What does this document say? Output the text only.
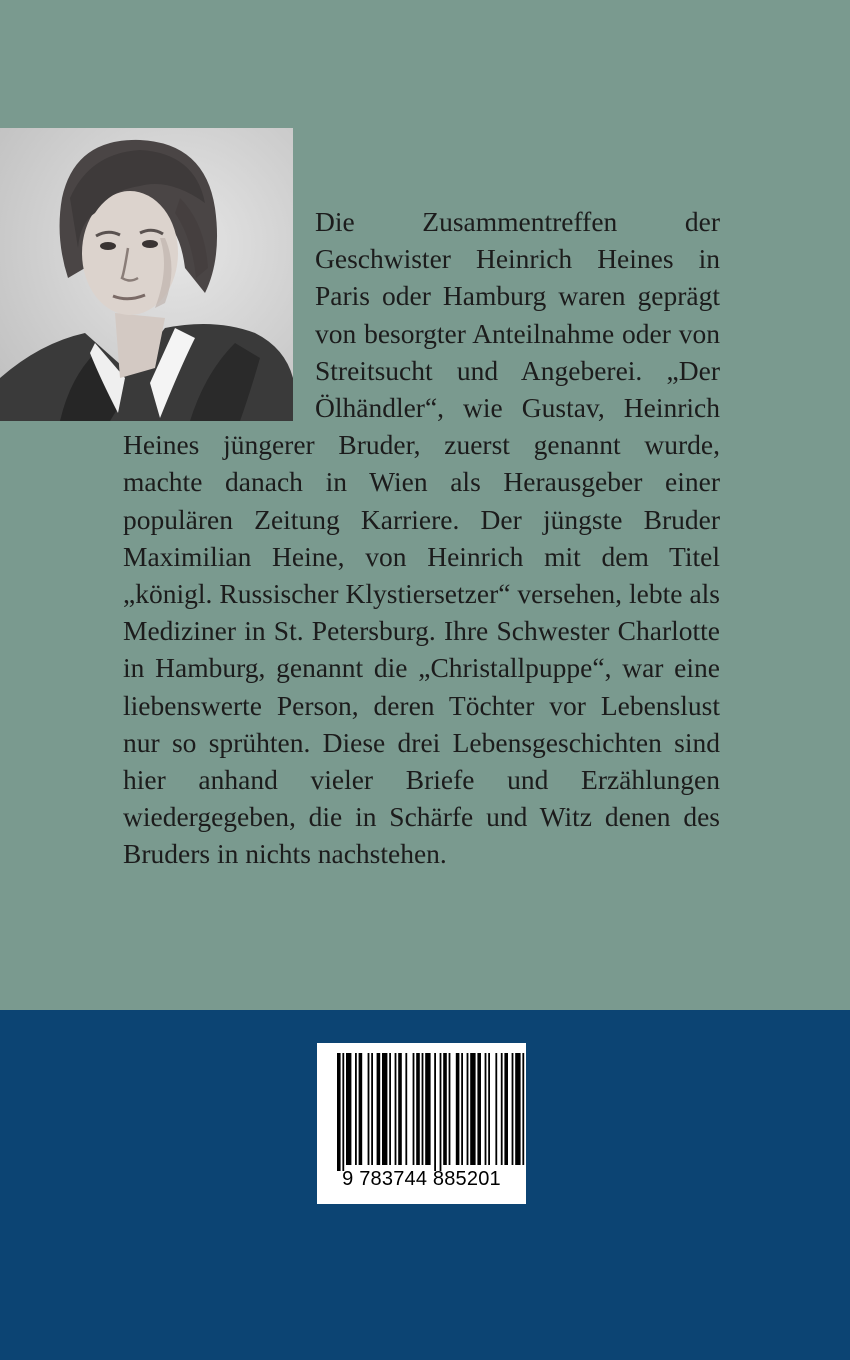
Die Zusammentreffen der Geschwister Heinrich Heines in Paris oder Hamburg waren geprägt von besorgter Anteilnahme oder von Streitsucht und Angeberei. „Der Ölhändler“, wie Gustav, Heinrich Heines jüngerer Bruder, zuerst genannt wurde, machte danach in Wien als Herausgeber einer populären Zeitung Karriere. Der jüngste Bruder Maximilian Heine, von Heinrich mit dem Titel „königl. Russischer Klystiersetzer“ versehen, lebte als Mediziner in St. Petersburg. Ihre Schwester Charlotte in Hamburg, genannt die „Christallpuppe“, war eine liebenswerte Person, deren Töchter vor Lebenslust nur so sprühten. Diese drei Lebensgeschichten sind hier anhand vieler Briefe und Erzählungen wiedergegeben, die in Schärfe und Witz denen des Bruders in nichts nachstehen.

9 783744 885201
